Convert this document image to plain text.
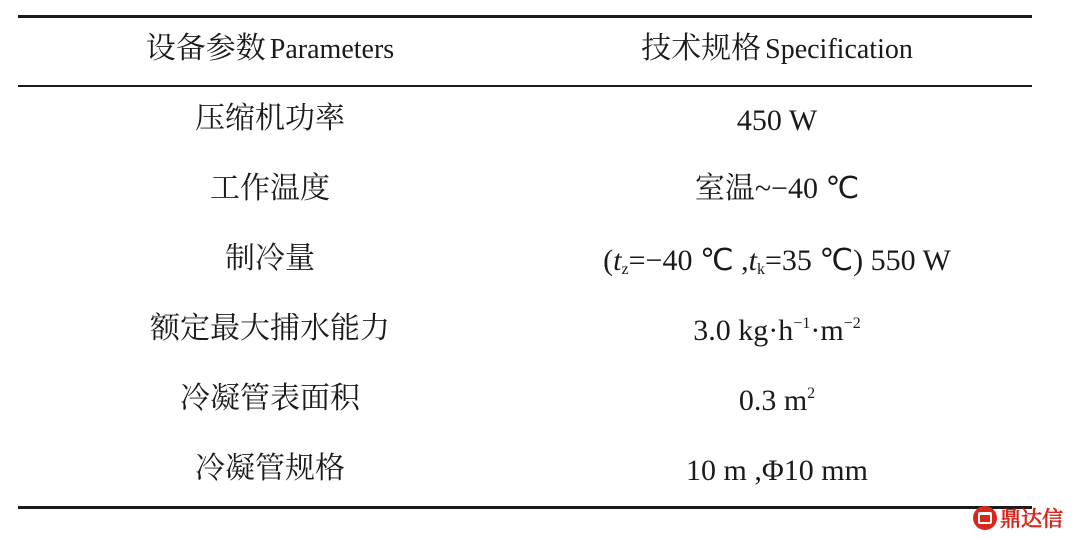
设备参数 Parameters	技术规格 Specification
压缩机功率	450 W
工作温度	室温~−40 ℃
制冷量	($t_z=-40$ ℃ $,t_k=35$ ℃) 550 W
额定最大捕水能力	3.0 $kg\cdot h^{-1}\cdot m^{-2}$
冷凝管表面积	0.3 $m^2$
冷凝管规格	10 m ,Φ10 mm
鼎达信
